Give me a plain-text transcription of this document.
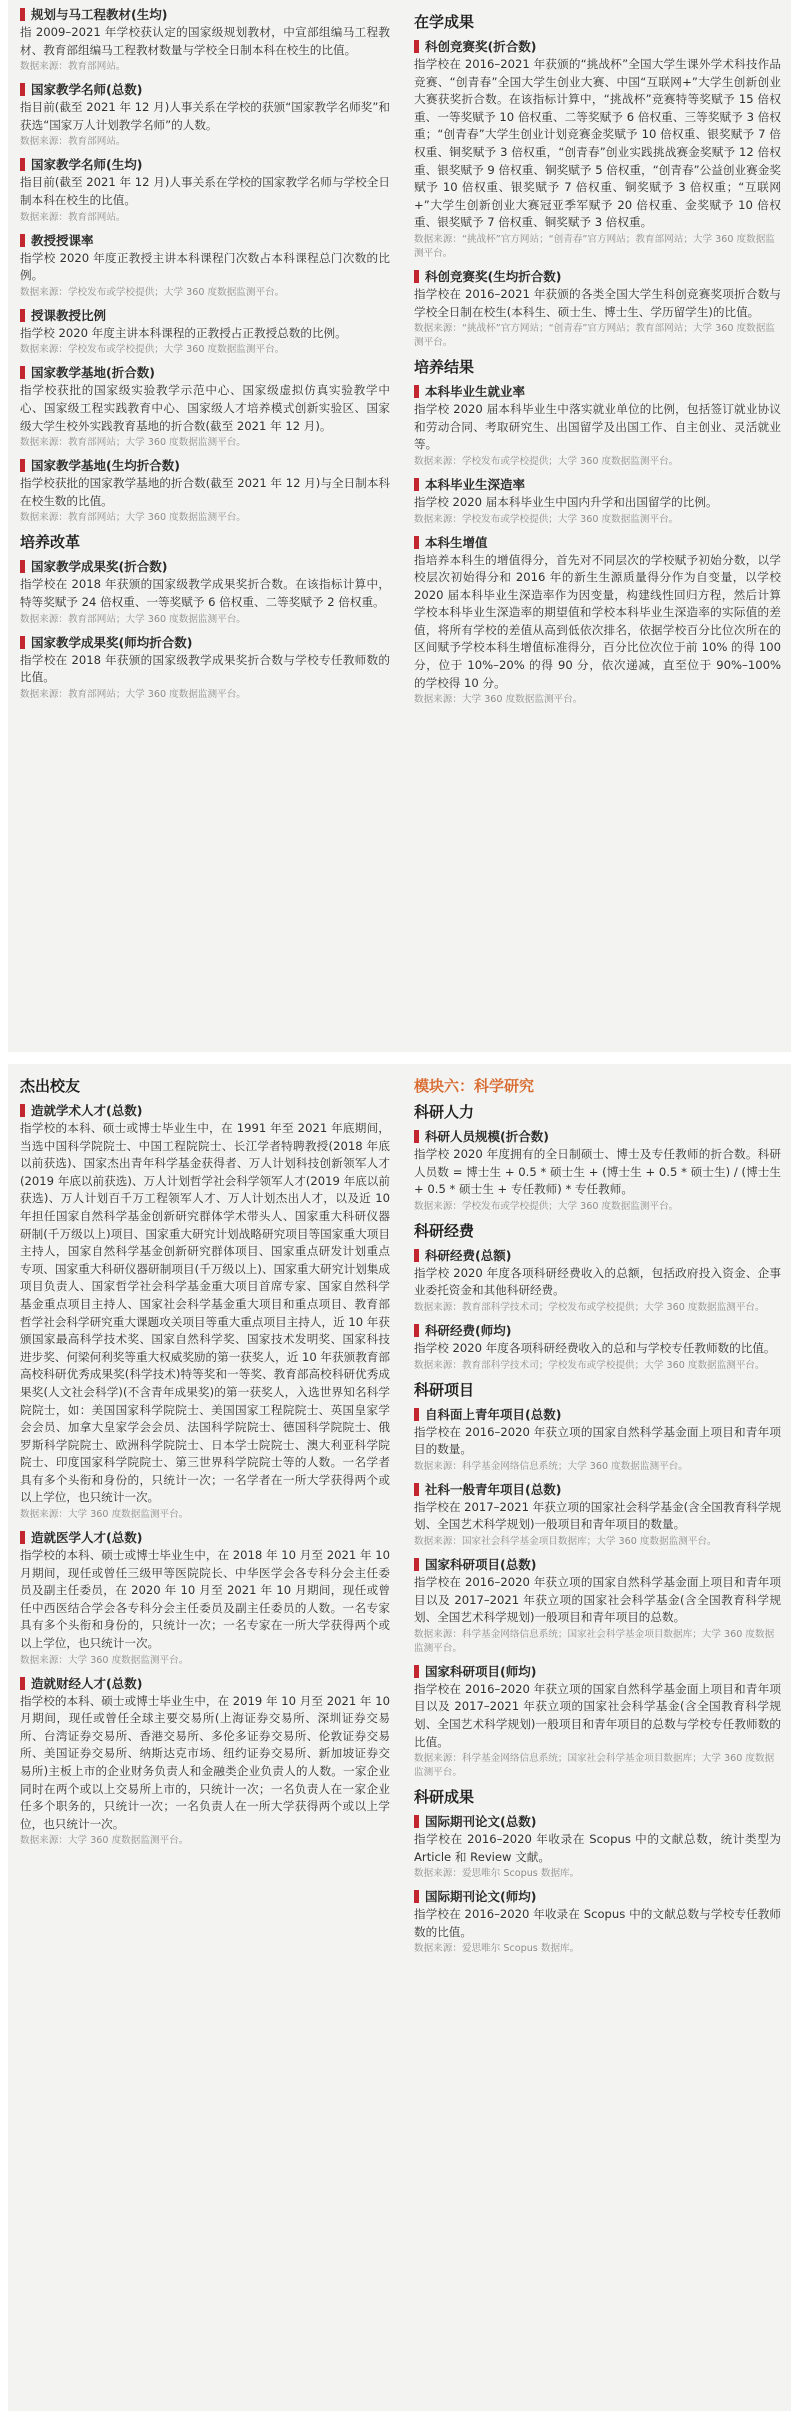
规划与马工程教材(生均)
指 2009–2021 年学校获认定的国家级规划教材，中宣部组编马工程教材、教育部组编马工程教材数量与学校全日制本科在校生的比值。
数据来源：教育部网站。
国家教学名师(总数)
指目前(截至 2021 年 12 月)人事关系在学校的获颁“国家教学名师奖”和获选“国家万人计划教学名师”的人数。
数据来源：教育部网站。
国家教学名师(生均)
指目前(截至 2021 年 12 月)人事关系在学校的国家教学名师与学校全日制本科在校生的比值。
数据来源：教育部网站。
教授授课率
指学校 2020 年度正教授主讲本科课程门次数占本科课程总门次数的比例。
数据来源：学校发布或学校提供；大学 360 度数据监测平台。
授课教授比例
指学校 2020 年度主讲本科课程的正教授占正教授总数的比例。
数据来源：学校发布或学校提供；大学 360 度数据监测平台。
国家教学基地(折合数)
指学校获批的国家级实验教学示范中心、国家级虚拟仿真实验教学中心、国家级工程实践教育中心、国家级人才培养模式创新实验区、国家级大学生校外实践教育基地的折合数(截至 2021 年 12 月)。
数据来源：教育部网站；大学 360 度数据监测平台。
国家教学基地(生均折合数)
指学校获批的国家教学基地的折合数(截至 2021 年 12 月)与全日制本科在校生数的比值。
数据来源：教育部网站；大学 360 度数据监测平台。
培养改革
国家教学成果奖(折合数)
指学校在 2018 年获颁的国家级教学成果奖折合数。在该指标计算中，特等奖赋予 24 倍权重、一等奖赋予 6 倍权重、二等奖赋予 2 倍权重。
数据来源：教育部网站；大学 360 度数据监测平台。
国家教学成果奖(师均折合数)
指学校在 2018 年获颁的国家级教学成果奖折合数与学校专任教师数的比值。
数据来源：教育部网站；大学 360 度数据监测平台。
在学成果
科创竞赛奖(折合数)
指学校在 2016–2021 年获颁的“挑战杯”全国大学生课外学术科技作品竞赛、“创青春”全国大学生创业大赛、中国“互联网+”大学生创新创业大赛获奖折合数。在该指标计算中，“挑战杯”竞赛特等奖赋予 15 倍权重、一等奖赋予 10 倍权重、二等奖赋予 6 倍权重、三等奖赋予 3 倍权重；“创青春”大学生创业计划竞赛金奖赋予 10 倍权重、银奖赋予 7 倍权重、铜奖赋予 3 倍权重，“创青春”创业实践挑战赛金奖赋予 12 倍权重、银奖赋予 9 倍权重、铜奖赋予 5 倍权重，“创青春”公益创业赛金奖赋予 10 倍权重、银奖赋予 7 倍权重、铜奖赋予 3 倍权重；“互联网+”大学生创新创业大赛冠亚季军赋予 20 倍权重、金奖赋予 10 倍权重、银奖赋予 7 倍权重、铜奖赋予 3 倍权重。
数据来源：“挑战杯”官方网站；“创青春”官方网站；教育部网站；大学 360 度数据监测平台。
科创竞赛奖(生均折合数)
指学校在 2016–2021 年获颁的各类全国大学生科创竞赛奖项折合数与学校全日制在校生(本科生、硕士生、博士生、学历留学生)的比值。
数据来源：“挑战杯”官方网站；“创青春”官方网站；教育部网站；大学 360 度数据监测平台。
培养结果
本科毕业生就业率
指学校 2020 届本科毕业生中落实就业单位的比例，包括签订就业协议和劳动合同、考取研究生、出国留学及出国工作、自主创业、灵活就业等。
数据来源：学校发布或学校提供；大学 360 度数据监测平台。
本科毕业生深造率
指学校 2020 届本科毕业生中国内升学和出国留学的比例。
数据来源：学校发布或学校提供；大学 360 度数据监测平台。
本科生增值
指培养本科生的增值得分，首先对不同层次的学校赋予初始分数，以学校层次初始得分和 2016 年的新生生源质量得分作为自变量，以学校 2020 届本科毕业生深造率作为因变量，构建线性回归方程，然后计算学校本科毕业生深造率的期望值和学校本科毕业生深造率的实际值的差值，将所有学校的差值从高到低依次排名，依据学校百分比位次所在的区间赋予学校本科生增值标准得分，百分比位次位于前 10% 的得 100 分，位于 10%–20% 的得 90 分，依次递减，直至位于 90%–100% 的学校得 10 分。
数据来源：大学 360 度数据监测平台。
杰出校友
造就学术人才(总数)
指学校的本科、硕士或博士毕业生中，在 1991 年至 2021 年底期间，当选中国科学院院士、中国工程院院士、长江学者特聘教授(2018 年底以前获选)、国家杰出青年科学基金获得者、万人计划科技创新领军人才(2019 年底以前获选)、万人计划哲学社会科学领军人才(2019 年底以前获选)、万人计划百千万工程领军人才、万人计划杰出人才，以及近 10 年担任国家自然科学基金创新研究群体学术带头人、国家重大科研仪器研制(千万级以上)项目、国家重大研究计划战略研究项目等国家重大项目主持人，国家自然科学基金创新研究群体项目、国家重点研发计划重点专项、国家重大科研仪器研制项目(千万级以上)、国家重大研究计划集成项目负责人、国家哲学社会科学基金重大项目首席专家、国家自然科学基金重点项目主持人、国家社会科学基金重大项目和重点项目、教育部哲学社会科学研究重大课题攻关项目等重大重点项目主持人，近 10 年获颁国家最高科学技术奖、国家自然科学奖、国家技术发明奖、国家科技进步奖、何梁何利奖等重大权威奖励的第一获奖人，近 10 年获颁教育部高校科研优秀成果奖(科学技术)特等奖和一等奖、教育部高校科研优秀成果奖(人文社会科学)(不含青年成果奖)的第一获奖人，入选世界知名科学院院士，如：美国国家科学院院士、美国国家工程院院士、英国皇家学会会员、加拿大皇家学会会员、法国科学院院士、德国科学院院士、俄罗斯科学院院士、欧洲科学院院士、日本学士院院士、澳大利亚科学院院士、印度国家科学院院士、第三世界科学院院士等的人数。一名学者具有多个头衔和身份的，只统计一次；一名学者在一所大学获得两个或以上学位，也只统计一次。
数据来源：大学 360 度数据监测平台。
造就医学人才(总数)
指学校的本科、硕士或博士毕业生中，在 2018 年 10 月至 2021 年 10 月期间，现任或曾任三级甲等医院院长、中华医学会各专科分会主任委员及副主任委员，在 2020 年 10 月至 2021 年 10 月期间，现任或曾任中西医结合学会各专科分会主任委员及副主任委员的人数。一名专家具有多个头衔和身份的，只统计一次；一名专家在一所大学获得两个或以上学位，也只统计一次。
数据来源：大学 360 度数据监测平台。
造就财经人才(总数)
指学校的本科、硕士或博士毕业生中，在 2019 年 10 月至 2021 年 10 月期间，现任或曾任全球主要交易所(上海证券交易所、深圳证券交易所、台湾证券交易所、香港交易所、多伦多证券交易所、伦敦证券交易所、美国证券交易所、纳斯达克市场、纽约证券交易所、新加坡证券交易所)主板上市的企业财务负责人和金融类企业负责人的人数。一家企业同时在两个或以上交易所上市的，只统计一次；一名负责人在一家企业任多个职务的，只统计一次；一名负责人在一所大学获得两个或以上学位，也只统计一次。
数据来源：大学 360 度数据监测平台。
模块六：科学研究
科研人力
科研人员规模(折合数)
指学校 2020 年度拥有的全日制硕士、博士及专任教师的折合数。科研人员数 = 博士生 + 0.5 * 硕士生 + (博士生 + 0.5 * 硕士生) / (博士生 + 0.5 * 硕士生 + 专任教师) * 专任教师。
数据来源：学校发布或学校提供；大学 360 度数据监测平台。
科研经费
科研经费(总额)
指学校 2020 年度各项科研经费收入的总额，包括政府投入资金、企事业委托资金和其他科研经费。
数据来源：教育部科学技术司；学校发布或学校提供；大学 360 度数据监测平台。
科研经费(师均)
指学校 2020 年度各项科研经费收入的总和与学校专任教师数的比值。
数据来源：教育部科学技术司；学校发布或学校提供；大学 360 度数据监测平台。
科研项目
自科面上青年项目(总数)
指学校在 2016–2020 年获立项的国家自然科学基金面上项目和青年项目的数量。
数据来源：科学基金网络信息系统；大学 360 度数据监测平台。
社科一般青年项目(总数)
指学校在 2017–2021 年获立项的国家社会科学基金(含全国教育科学规划、全国艺术科学规划)一般项目和青年项目的数量。
数据来源：国家社会科学基金项目数据库；大学 360 度数据监测平台。
国家科研项目(总数)
指学校在 2016–2020 年获立项的国家自然科学基金面上项目和青年项目以及 2017–2021 年获立项的国家社会科学基金(含全国教育科学规划、全国艺术科学规划)一般项目和青年项目的总数。
数据来源：科学基金网络信息系统；国家社会科学基金项目数据库；大学 360 度数据监测平台。
国家科研项目(师均)
指学校在 2016–2020 年获立项的国家自然科学基金面上项目和青年项目以及 2017–2021 年获立项的国家社会科学基金(含全国教育科学规划、全国艺术科学规划)一般项目和青年项目的总数与学校专任教师数的比值。
数据来源：科学基金网络信息系统；国家社会科学基金项目数据库；大学 360 度数据监测平台。
科研成果
国际期刊论文(总数)
指学校在 2016–2020 年收录在 Scopus 中的文献总数，统计类型为 Article 和 Review 文献。
数据来源：爱思唯尔 Scopus 数据库。
国际期刊论文(师均)
指学校在 2016–2020 年收录在 Scopus 中的文献总数与学校专任教师数的比值。
数据来源：爱思唯尔 Scopus 数据库。
